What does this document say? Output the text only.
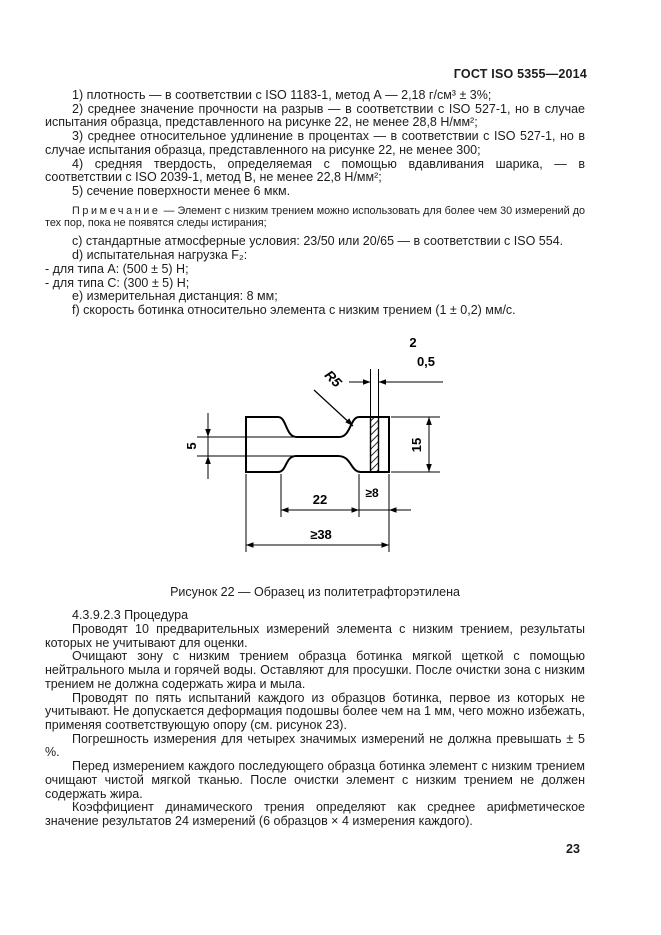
ГОСТ ISO 5355—2014

1) плотность — в соответствии с ISO 1183-1, метод А — 2,18 г/см³ ± 3%;

2) среднее значение прочности на разрыв — в соответствии с ISO 527-1, но в случае испытания образца, представленного на рисунке 22, не менее 28,8 Н/мм²;

3) среднее относительное удлинение в процентах — в соответствии с ISO 527-1, но в случае испытания образца, представленного на рисунке 22, не менее 300;

4) средняя твердость, определяемая с помощью вдавливания шарика, — в соответствии с ISO 2039-1, метод В, не менее 22,8 Н/мм²;

5) сечение поверхности менее 6 мкм.

Примечание — Элемент с низким трением можно использовать для более чем 30 измерений до тех пор, пока не появятся следы истирания;

c) стандартные атмосферные условия: 23/50 или 20/65 — в соответствии с ISO 554.

d) испытательная нагрузка F₂:

- для типа А: (500 ± 5) Н;

- для типа С: (300 ± 5) Н;

е) измерительная дистанция: 8 мм;

f) скорость ботинка относительно элемента с низким трением (1 ± 0,2) мм/с.

5	15
2
0,5
R5
22	≥8
≥38

Рисунок 22 — Образец из политетрафторэтилена

4.3.9.2.3 Процедура

Проводят 10 предварительных измерений элемента с низким трением, результаты которых не учитывают для оценки.

Очищают зону с низким трением образца ботинка мягкой щеткой с помощью нейтрального мыла и горячей воды. Оставляют для просушки. После очистки зона с низким трением не должна содержать жира и мыла.

Проводят по пять испытаний каждого из образцов ботинка, первое из которых не учитывают. Не допускается деформация подошвы более чем на 1 мм, чего можно избежать, применяя соответствующую опору (см. рисунок 23).

Погрешность измерения для четырех значимых измерений не должна превышать ± 5 %.

Перед измерением каждого последующего образца ботинка элемент с низким трением очищают чистой мягкой тканью. После очистки элемент с низким трением не должен содержать жира.

Коэффициент динамического трения определяют как среднее арифметическое значение результатов 24 измерений (6 образцов × 4 измерения каждого).

23
